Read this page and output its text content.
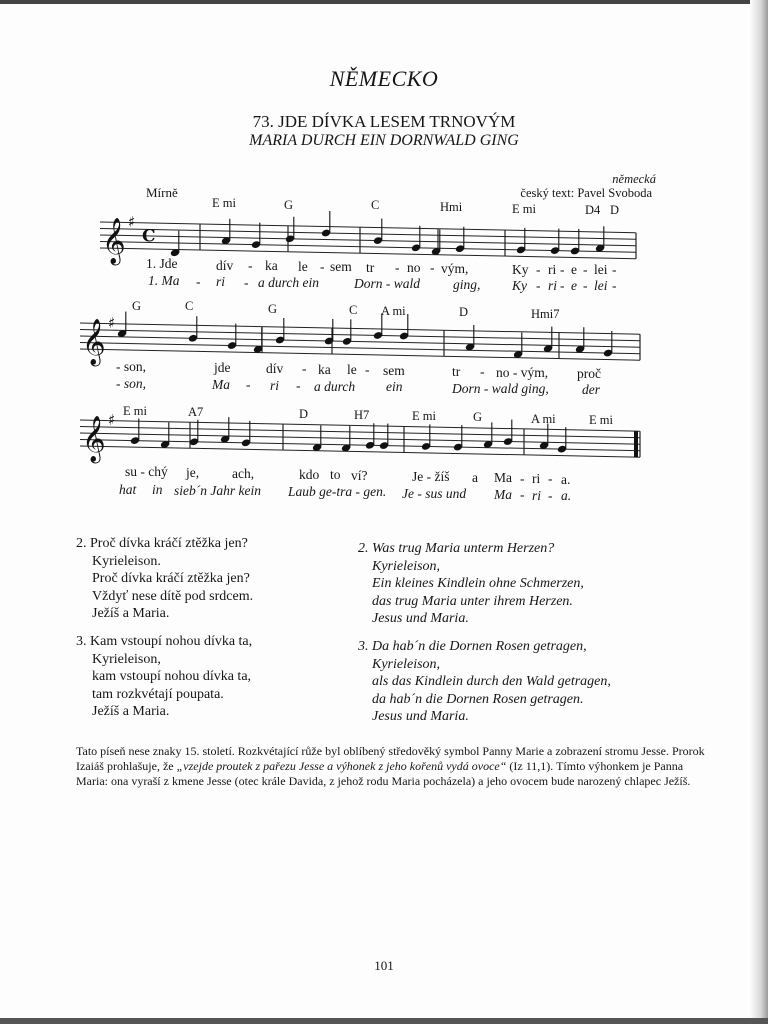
NĚMECKO
73. JDE DÍVKA LESEM TRNOVÝM
MARIA DURCH EIN DORNWALD GING
německá
český text: Pavel Svoboda
Mírně
𝄞 ♯
C
𝄞 ♯
𝄞 ♯
E mi	G	C	Hmi	E mi	D4 D
1. Jde	dív - ka le - sem tr - no - vým,	Ky - ri - e - lei -
1. Ma - ri - a durch ein	Dorn - wald ging, Ky - ri - e - lei -
G	C	G	C A mi	D	Hmi7
- son,	jde	dív - ka le - sem	tr - no - vým, proč
- son,	Ma - ri - a durch ein	Dorn - wald ging, der
E mi	A7	D	H7	E mi	G	A mi	E mi
su - chý je, ach,	kdo to ví?	Je - žíš a Ma - ri - a.
hat in sieb´n Jahr kein Laub ge-tra - gen. Je - sus und Ma - ri - a.
2. Proč dívka kráčí ztěžka jen?
Kyrieleison.
Proč dívka kráčí ztěžka jen?
Vždyť nese dítě pod srdcem.
Ježíš a Maria.
3. Kam vstoupí nohou dívka ta,
Kyrieleison,
kam vstoupí nohou dívka ta,
tam rozkvétají poupata.
Ježíš a Maria.
2. Was trug Maria unterm Herzen?
Kyrieleison,
Ein kleines Kindlein ohne Schmerzen,
das trug Maria unter ihrem Herzen.
Jesus und Maria.
3. Da hab´n die Dornen Rosen getragen,
Kyrieleison,
als das Kindlein durch den Wald getragen,
da hab´n die Dornen Rosen getragen.
Jesus und Maria.
Tato píseň nese znaky 15. století. Rozkvétající růže byl oblíbený středověký symbol Panny Marie a zobrazení stromu Jesse. Prorok Izaiáš prohlašuje, že „vzejde proutek z pařezu Jesse a výhonek z jeho kořenů vydá ovoce“ (Iz 11,1). Tímto výhonkem je Panna Maria: ona vyraší z kmene Jesse (otec krále Davida, z jehož rodu Maria pocházela) a jeho ovocem bude narozený chlapec Ježíš.
101
